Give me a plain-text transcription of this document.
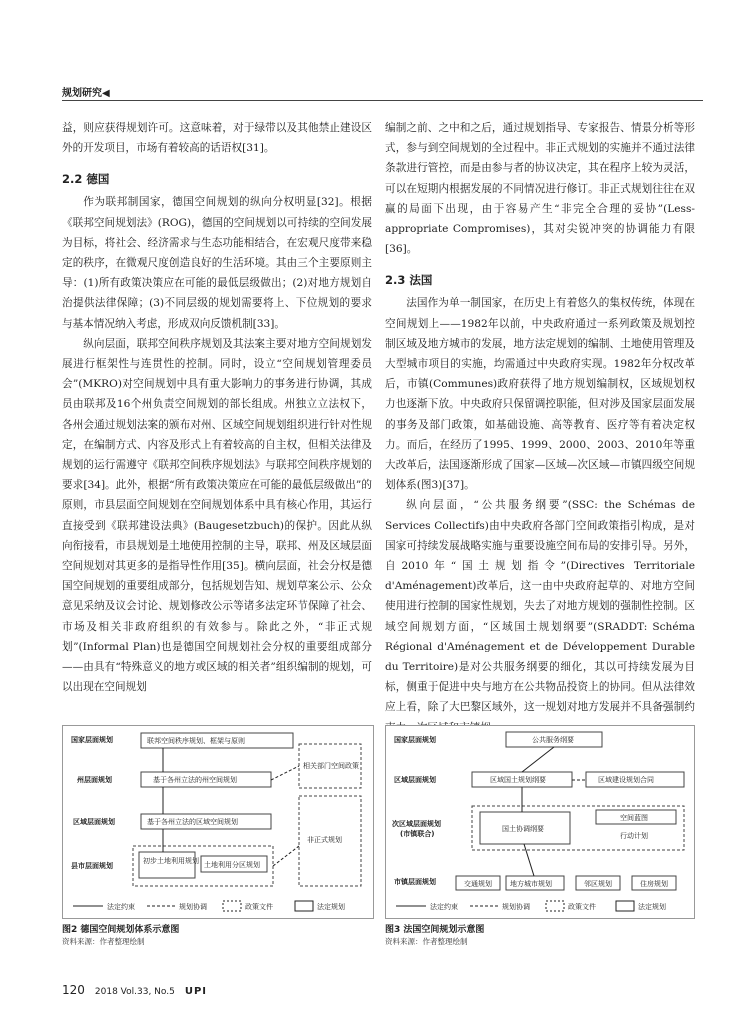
规划研究◀

益，则应获得规划许可。这意味着，对于绿带以及其他禁止建设区外的开发项目，市场有着较高的话语权[31]。

2.2 德国

作为联邦制国家，德国空间规划的纵向分权明显[32]。根据《联邦空间规划法》(ROG)，德国的空间规划以可持续的空间发展为目标，将社会、经济需求与生态功能相结合，在宏观尺度带来稳定的秩序，在微观尺度创造良好的生活环境。其由三个主要原则主导：(1)所有政策决策应在可能的最低层级做出；(2)对地方规划自治提供法律保障；(3)不同层级的规划需要将上、下位规划的要求与基本情况纳入考虑，形成双向反馈机制[33]。

纵向层面，联邦空间秩序规划及其法案主要对地方空间规划发展进行框架性与连贯性的控制。同时，设立“空间规划管理委员会”(MKRO)对空间规划中具有重大影响力的事务进行协调，其成员由联邦及16个州负责空间规划的部长组成。州独立立法权下，各州会通过规划法案的颁布对州、区域空间规划组织进行针对性规定，在编制方式、内容及形式上有着较高的自主权，但相关法律及规划的运行需遵守《联邦空间秩序规划法》与联邦空间秩序规划的要求[34]。此外，根据“所有政策决策应在可能的最低层级做出”的原则，市县层面空间规划在空间规划体系中具有核心作用，其运行直接受到《联邦建设法典》(Baugesetzbuch)的保护。因此从纵向衔接看，市县规划是土地使用控制的主导，联邦、州及区域层面空间规划对其更多的是指导性作用[35]。横向层面，社会分权是德国空间规划的重要组成部分，包括规划告知、规划草案公示、公众意见采纳及议会讨论、规划修改公示等诸多法定环节保障了社会、市场及相关非政府组织的有效参与。除此之外，“非正式规划”(Informal Plan)也是德国空间规划社会分权的重要组成部分——由具有“特殊意义的地方或区域的相关者”组织编制的规划，可以出现在空间规划

编制之前、之中和之后，通过规划指导、专家报告、情景分析等形式，参与到空间规划的全过程中。非正式规划的实施并不通过法律条款进行管控，而是由参与者的协议决定，其在程序上较为灵活，可以在短期内根据发展的不同情况进行修订。非正式规划往往在双赢的局面下出现，由于容易产生“非完全合理的妥协”(Less-appropriate Compromises)，其对尖锐冲突的协调能力有限[36]。

2.3 法国

法国作为单一制国家，在历史上有着悠久的集权传统，体现在空间规划上——1982年以前，中央政府通过一系列政策及规划控制区域及地方城市的发展，地方法定规划的编制、土地使用管理及大型城市项目的实施，均需通过中央政府实现。1982年分权改革后，市镇(Communes)政府获得了地方规划编制权，区域规划权力也逐渐下放。中央政府只保留调控职能，但对涉及国家层面发展的事务及部门政策，如基础设施、高等教育、医疗等有着决定权力。而后，在经历了1995、1999、2000、2003、2010年等重大改革后，法国逐渐形成了国家—区域—次区域—市镇四级空间规划体系(图3)[37]。

纵向层面，“公共服务纲要”(SSC: the Schémas de Services Collectifs)由中央政府各部门空间政策指引构成，是对国家可持续发展战略实施与重要设施空间布局的安排引导。另外，自2010年“国土规划指令”(Directives Territoriale d'Aménagement)改革后，这一由中央政府起草的、对地方空间使用进行控制的国家性规划，失去了对地方规划的强制性控制。区域空间规划方面，“区域国土规划纲要”(SRADDT: Schéma Régional d'Aménagement et de Développement Durable du Territoire)是对公共服务纲要的细化，其以可持续发展为目标，侧重于促进中央与地方在公共物品投资上的协同。但从法律效应上看，除了大巴黎区域外，这一规划对地方发展并不具备强制约

国家层面规划
州层面规划
区域层面规划
县市层面规划
联邦空间秩序规划、框架与原则
基于各州立法的州空间规划
基于各州立法的区域空间规划
初步土地利用规划 土地利用分区规划
相关部门空间政策
非正式规划
法定约束	规划协调	政策文件	法定规划
图2 德国空间规划体系示意图
资料来源：作者整理绘制
国家层面规划
区域层面规划
次区域层面规划
(市镇联合)
市镇层面规划
公共服务纲要
区域国土规划纲要	区域建设规划合同
国土协调纲要
空间蓝图
行动计划
交通规划	地方城市规划	邻区规划	住房规划
法定约束	规划协调	政策文件	法定规划
图3 法国空间规划示意图
资料来源：作者整理绘制
120 2018 Vol.33, No.5 UPI
